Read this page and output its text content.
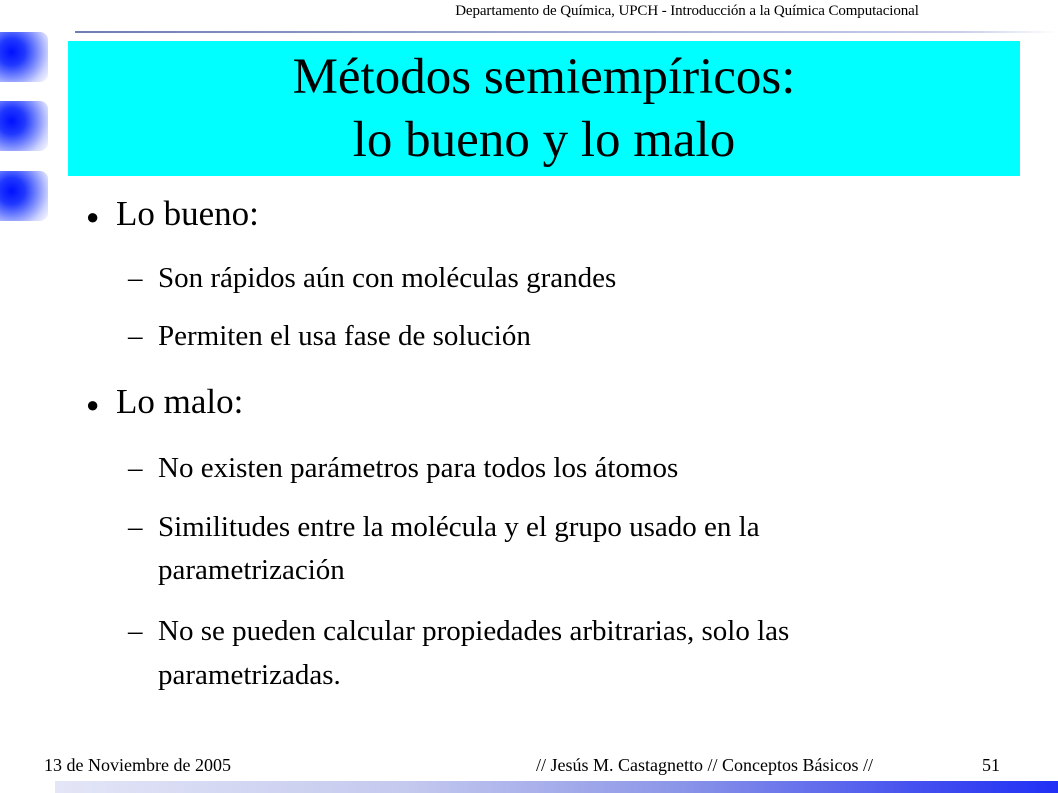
Departamento de Química, UPCH - Introducción a la Química Computacional
Métodos semiempíricos:
lo bueno y lo malo
● Lo bueno:
– Son rápidos aún con moléculas grandes
– Permiten el usa fase de solución
● Lo malo:
– No existen parámetros para todos los átomos
– Similitudes entre la molécula y el grupo usado en la
parametrización
– No se pueden calcular propiedades arbitrarias, solo las
parametrizadas.
13 de Noviembre de 2005	// Jesús M. Castagnetto // Conceptos Básicos //	51
